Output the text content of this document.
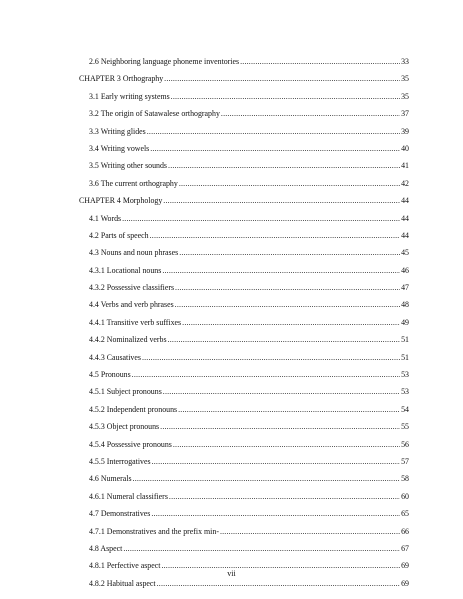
2.6 Neighboring language phoneme inventories .....	33
CHAPTER 3 Orthography .....	35
3.1 Early writing systems .....	35
3.2 The origin of Satawalese orthography .....	37
3.3 Writing glides .....	39
3.4 Writing vowels .....	40
3.5 Writing other sounds .....	41
3.6 The current orthography .....	42
CHAPTER 4 Morphology .....	44
4.1 Words .....	44
4.2 Parts of speech .....	44
4.3 Nouns and noun phrases .....	45
4.3.1 Locational nouns .....	46
4.3.2 Possessive classifiers .....	47
4.4 Verbs and verb phrases .....	48
4.4.1 Transitive verb suffixes .....	49
4.4.2 Nominalized verbs .....	51
4.4.3 Causatives .....	51
4.5 Pronouns .....	53
4.5.1 Subject pronouns .....	53
4.5.2 Independent pronouns .....	54
4.5.3 Object pronouns .....	55
4.5.4 Possessive pronouns .....	56
4.5.5 Interrogatives .....	57
4.6 Numerals .....	58
4.6.1 Numeral classifiers .....	60
4.7 Demonstratives .....	65
4.7.1 Demonstratives and the prefix min- .....	66
4.8 Aspect .....	67
4.8.1 Perfective aspect .....	69
4.8.2 Habitual aspect .....	69
vii
